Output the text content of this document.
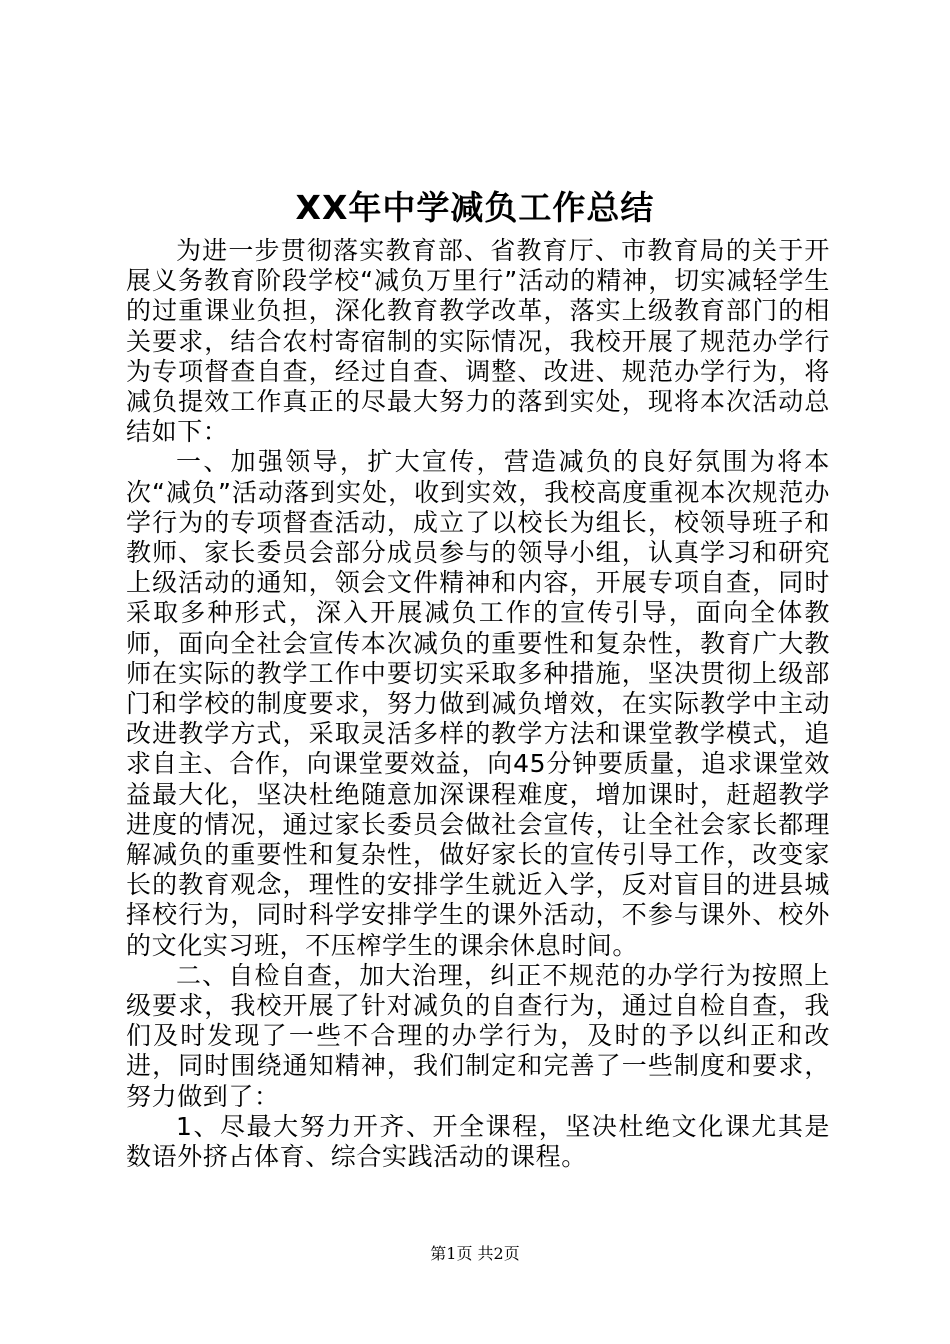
XX年中学减负工作总结

为进一步贯彻落实教育部、省教育厅、市教育局的关于开展义务教育阶段学校“减负万里行”活动的精神，切实减轻学生的过重课业负担，深化教育教学改革，落实上级教育部门的相关要求，结合农村寄宿制的实际情况，我校开展了规范办学行为专项督查自查，经过自查、调整、改进、规范办学行为，将减负提效工作真正的尽最大努力的落到实处，现将本次活动总结如下：

一、加强领导，扩大宣传，营造减负的良好氛围为将本次“减负”活动落到实处，收到实效，我校高度重视本次规范办学行为的专项督查活动，成立了以校长为组长，校领导班子和教师、家长委员会部分成员参与的领导小组，认真学习和研究上级活动的通知，领会文件精神和内容，开展专项自查，同时采取多种形式，深入开展减负工作的宣传引导，面向全体教师，面向全社会宣传本次减负的重要性和复杂性，教育广大教师在实际的教学工作中要切实采取多种措施，坚决贯彻上级部门和学校的制度要求，努力做到减负增效，在实际教学中主动改进教学方式，采取灵活多样的教学方法和课堂教学模式，追求自主、合作，向课堂要效益，向45分钟要质量，追求课堂效益最大化，坚决杜绝随意加深课程难度，增加课时，赶超教学进度的情况，通过家长委员会做社会宣传，让全社会家长都理解减负的重要性和复杂性，做好家长的宣传引导工作，改变家长的教育观念，理性的安排学生就近入学，反对盲目的进县城择校行为，同时科学安排学生的课外活动，不参与课外、校外的文化实习班，不压榨学生的课余休息时间。

二、自检自查，加大治理，纠正不规范的办学行为按照上级要求，我校开展了针对减负的自查行为，通过自检自查，我们及时发现了一些不合理的办学行为，及时的予以纠正和改进，同时围绕通知精神，我们制定和完善了一些制度和要求，努力做到了：

1、尽最大努力开齐、开全课程，坚决杜绝文化课尤其是数语外挤占体育、综合实践活动的课程。

第1页 共2页
